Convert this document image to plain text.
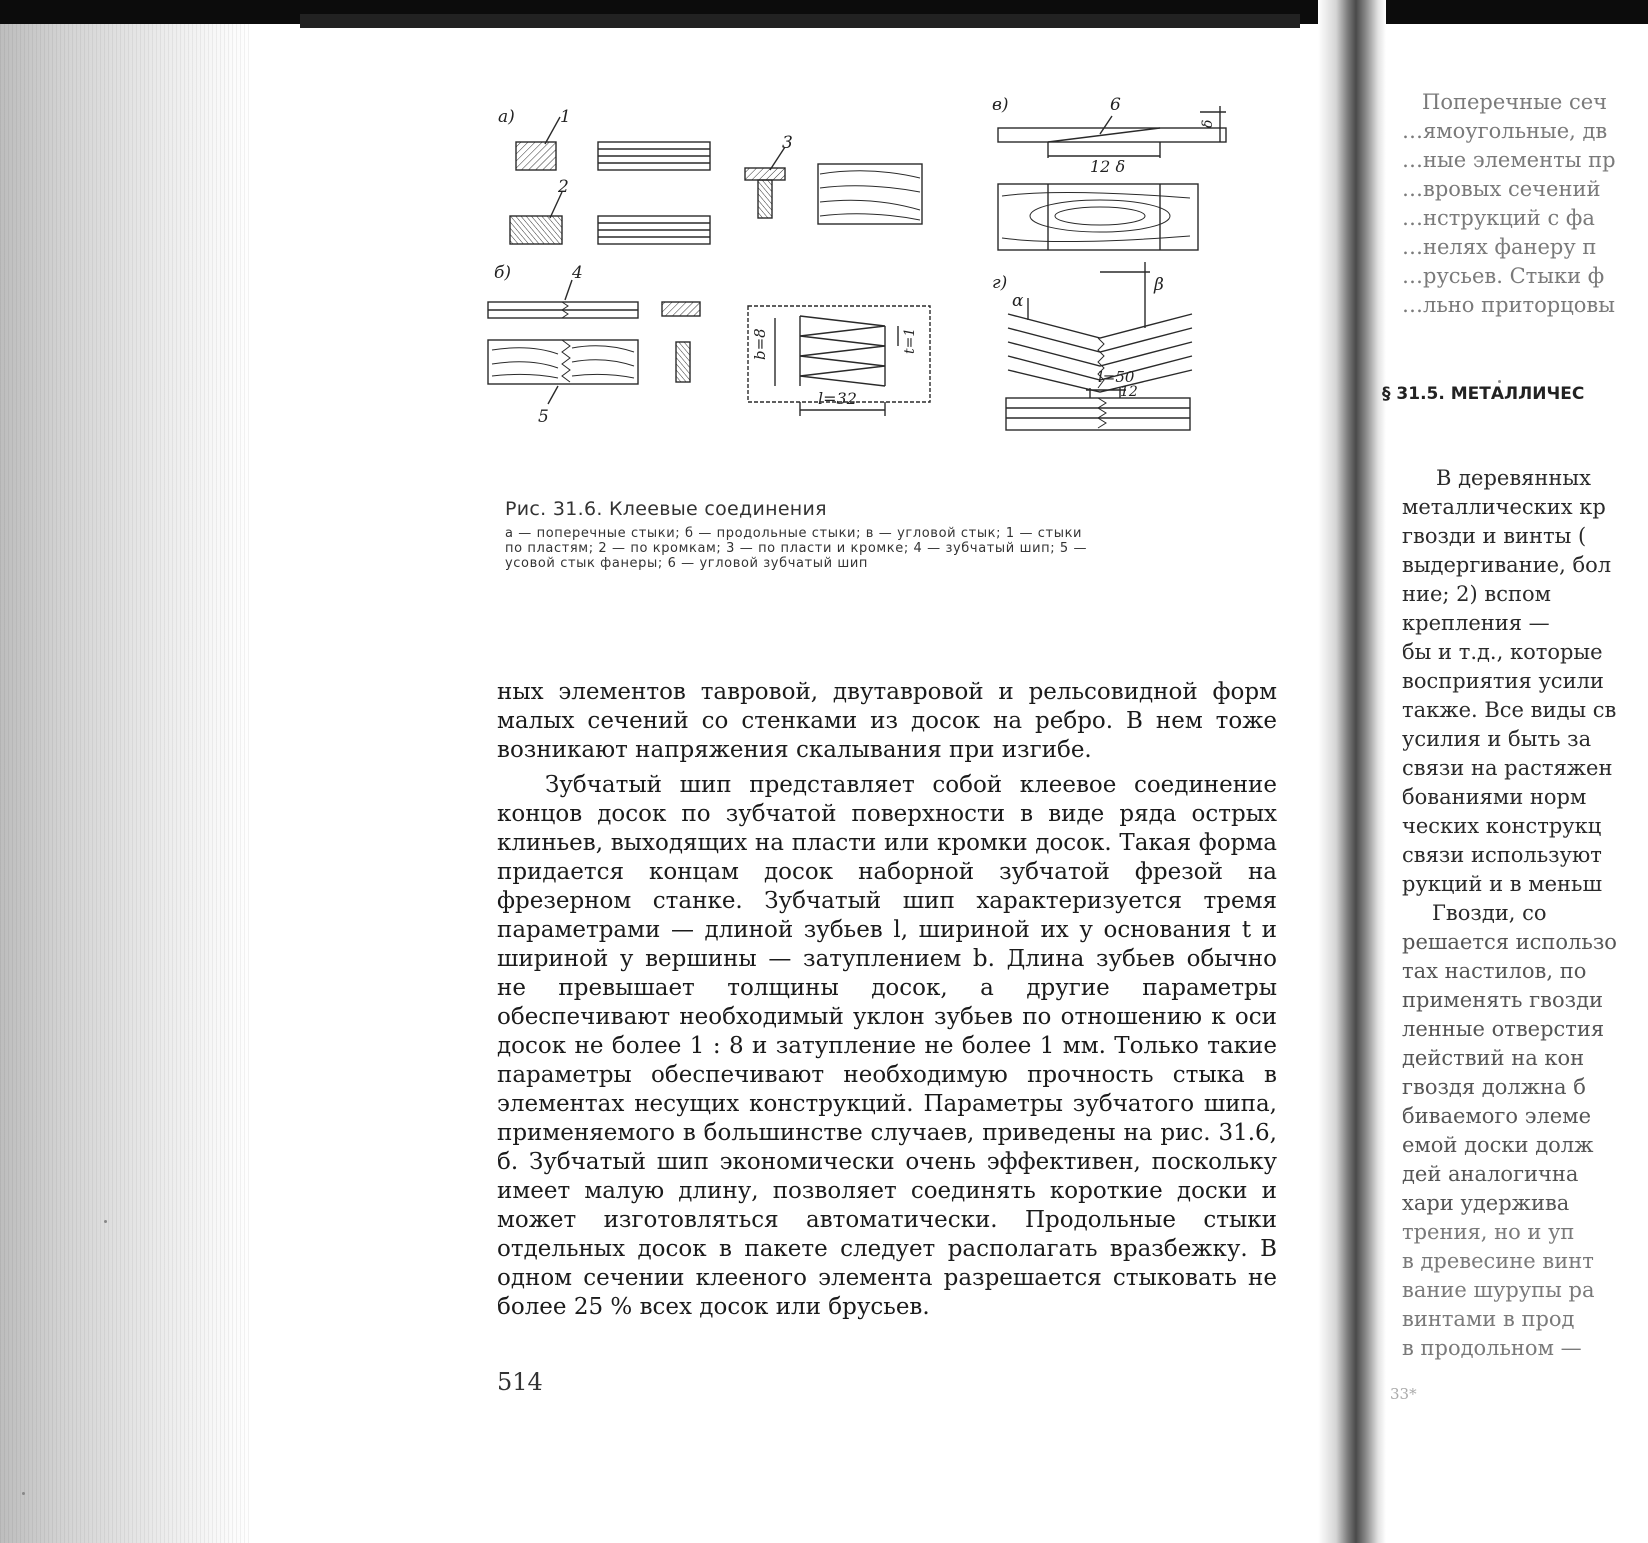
а)	1
2
3
б)	4
5
b=8	t=1
l=32
в)	6
12 δ
δ
г)
α
β
l=50
12

Рис. 31.6. Клеевые соединения

а — поперечные стыки; б — продольные стыки; в — угловой стык; 1 — стыки

по пластям; 2 — по кромкам; 3 — по пласти и кромке; 4 — зубчатый шип; 5 —

усовой стык фанеры; 6 — угловой зубчатый шип

ных элементов тавровой, двутавровой и рельсовидной форм малых сечений со стенками из досок на ребро. В нем тоже возникают напряжения скалывания при изгибе.

Зубчатый шип представляет собой клеевое соединение концов досок по зубчатой поверхности в виде ряда острых клиньев, выходящих на пласти или кромки досок. Такая форма придается концам досок наборной зубчатой фрезой на фрезерном станке. Зубчатый шип характеризуется тремя параметрами — длиной зубьев l, шириной их у основания t и шириной у вершины — затуплением b. Длина зубьев обычно не превышает толщины досок, а другие параметры обеспечивают необходимый уклон зубьев по отношению к оси досок не более 1 : 8 и затупление не более 1 мм. Только такие параметры обеспечивают необходимую прочность стыка в элементах несущих конструкций. Параметры зубчатого шипа, применяемого в большинстве случаев, приведены на рис. 31.6, б. Зубчатый шип экономически очень эффективен, поскольку имеет малую длину, позволяет соединять короткие доски и может изготовляться автоматически. Продольные стыки отдельных досок в пакете следует располагать вразбежку. В одном сечении клееного элемента разрешается стыковать не более 25 % всех досок или брусьев.

514
Поперечные сеч
…ямоугольные, дв
…ные элементы пр
…вровых сечений
…нструкций с фа
…нелях фанеру п
…русьев. Стыки ф
…льно приторцовы
§ 31.5. МЕТАЛЛИЧЕС
В деревянных
металлических кр
гвозди и винты (
выдергивание, бол
ние; 2) вспом
крепления —
бы и т.д., которые
восприятия усили
также. Все виды св
усилия и быть за
связи на растяжен
бованиями норм
ческих конструкц
связи используют
рукций и в меньш
Гвозди, со
решается использо
тах настилов, по
применять гвозди
ленные отверстия
действий на кон
гвоздя должна б
биваемого элеме
емой доски долж
дей аналогична
хари удержива
трения, но и уп
в древесине винт
вание шурупы ра
винтами в прод
в продольном —
33*
